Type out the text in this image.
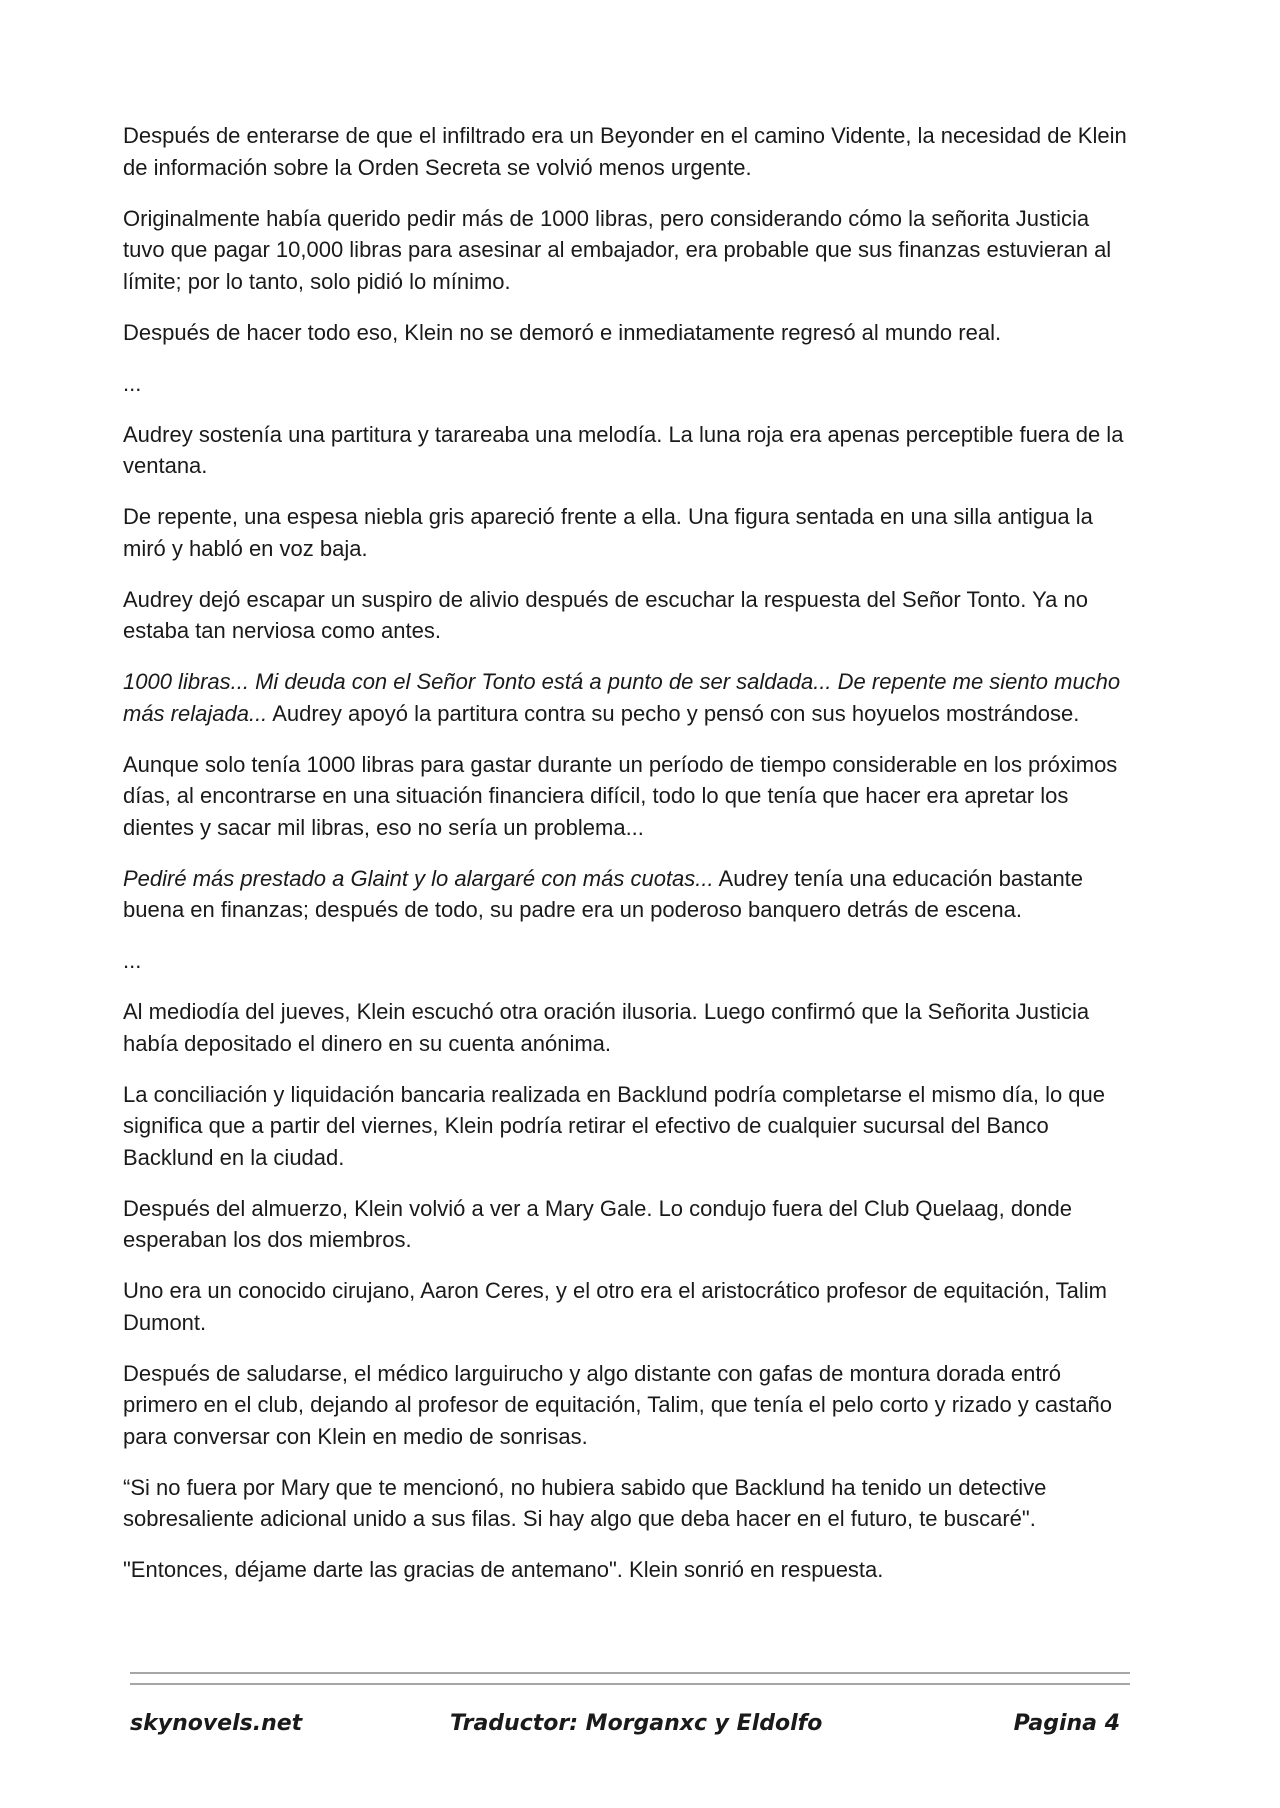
Después de enterarse de que el infiltrado era un Beyonder en el camino Vidente, la necesidad de Klein de información sobre la Orden Secreta se volvió menos urgente.

Originalmente había querido pedir más de 1000 libras, pero considerando cómo la señorita Justicia tuvo que pagar 10,000 libras para asesinar al embajador, era probable que sus finanzas estuvieran al límite; por lo tanto, solo pidió lo mínimo.

Después de hacer todo eso, Klein no se demoró e inmediatamente regresó al mundo real.

...

Audrey sostenía una partitura y tarareaba una melodía. La luna roja era apenas perceptible fuera de la ventana.

De repente, una espesa niebla gris apareció frente a ella. Una figura sentada en una silla antigua la miró y habló en voz baja.

Audrey dejó escapar un suspiro de alivio después de escuchar la respuesta del Señor Tonto. Ya no estaba tan nerviosa como antes.

1000 libras... Mi deuda con el Señor Tonto está a punto de ser saldada... De repente me siento mucho más relajada... Audrey apoyó la partitura contra su pecho y pensó con sus hoyuelos mostrándose.

Aunque solo tenía 1000 libras para gastar durante un período de tiempo considerable en los próximos días, al encontrarse en una situación financiera difícil, todo lo que tenía que hacer era apretar los dientes y sacar mil libras, eso no sería un problema...

Pediré más prestado a Glaint y lo alargaré con más cuotas... Audrey tenía una educación bastante buena en finanzas; después de todo, su padre era un poderoso banquero detrás de escena.

...

Al mediodía del jueves, Klein escuchó otra oración ilusoria. Luego confirmó que la Señorita Justicia había depositado el dinero en su cuenta anónima.

La conciliación y liquidación bancaria realizada en Backlund podría completarse el mismo día, lo que significa que a partir del viernes, Klein podría retirar el efectivo de cualquier sucursal del Banco Backlund en la ciudad.

Después del almuerzo, Klein volvió a ver a Mary Gale. Lo condujo fuera del Club Quelaag, donde esperaban los dos miembros.

Uno era un conocido cirujano, Aaron Ceres, y el otro era el aristocrático profesor de equitación, Talim Dumont.

Después de saludarse, el médico larguirucho y algo distante con gafas de montura dorada entró primero en el club, dejando al profesor de equitación, Talim, que tenía el pelo corto y rizado y castaño para conversar con Klein en medio de sonrisas.

“Si no fuera por Mary que te mencionó, no hubiera sabido que Backlund ha tenido un detective sobresaliente adicional unido a sus filas. Si hay algo que deba hacer en el futuro, te buscaré".

"Entonces, déjame darte las gracias de antemano". Klein sonrió en respuesta.

skynovels.net	Traductor: Morganxc y Eldolfo	Pagina 4
